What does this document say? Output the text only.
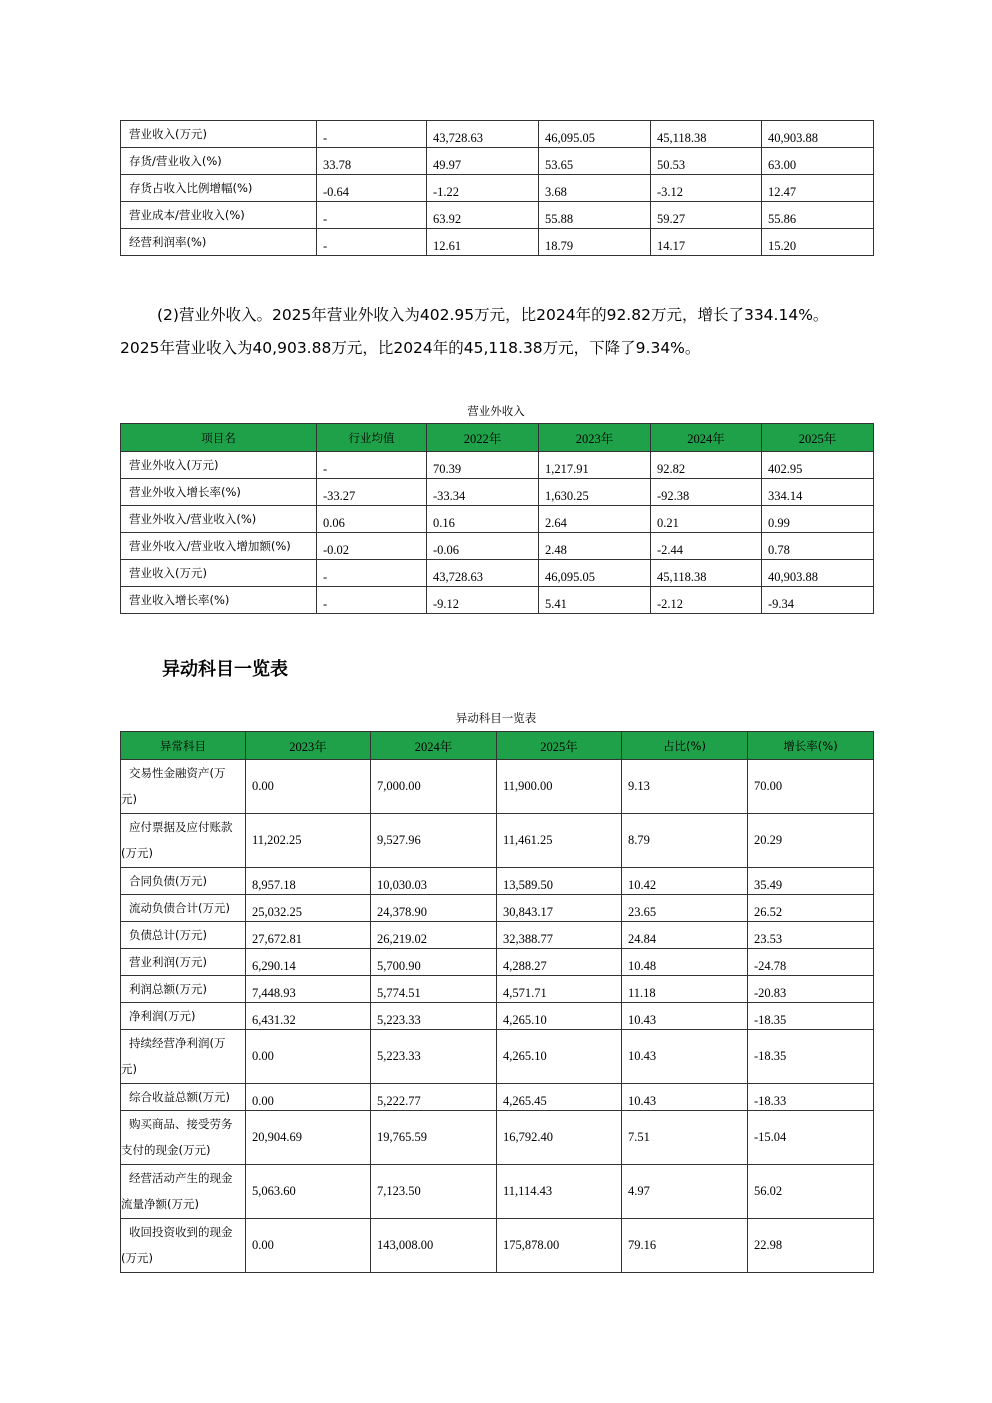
营业收入(万元)	-	43,728.63	46,095.05	45,118.38	40,903.88
存货/营业收入(%)	33.78	49.97	53.65	50.53	63.00
存货占收入比例增幅(%)	-0.64	-1.22	3.68	-3.12	12.47
营业成本/营业收入(%)	-	63.92	55.88	59.27	55.86
经营利润率(%)	-	12.61	18.79	14.17	15.20
(2)营业外收入。2025年营业外收入为402.95万元，比2024年的92.82万元，增长了334.14%。
2025年营业收入为40,903.88万元，比2024年的45,118.38万元，下降了9.34%。
营业外收入
项目名	行业均值	2022年	2023年	2024年	2025年
营业外收入(万元)	-	70.39	1,217.91	92.82	402.95
营业外收入增长率(%)	-33.27	-33.34	1,630.25	-92.38	334.14
营业外收入/营业收入(%)	0.06	0.16	2.64	0.21	0.99
营业外收入/营业收入增加额(%)	-0.02	-0.06	2.48	-2.44	0.78
营业收入(万元)	-	43,728.63	46,095.05	45,118.38	40,903.88
营业收入增长率(%)	-	-9.12	5.41	-2.12	-9.34
异动科目一览表
异动科目一览表
异常科目	2023年	2024年	2025年	占比(%)	增长率(%)

交易性金融资产(万
元)	0.00	7,000.00	11,900.00	9.13	70.00

应付票据及应付账款
(万元)	11,202.25	9,527.96	11,461.25	8.79	20.29
合同负债(万元)	8,957.18	10,030.03	13,589.50	10.42	35.49
流动负债合计(万元)	25,032.25	24,378.90	30,843.17	23.65	26.52
负债总计(万元)	27,672.81	26,219.02	32,388.77	24.84	23.53
营业利润(万元)	6,290.14	5,700.90	4,288.27	10.48	-24.78
利润总额(万元)	7,448.93	5,774.51	4,571.71	11.18	-20.83
净利润(万元)	6,431.32	5,223.33	4,265.10	10.43	-18.35

持续经营净利润(万
元)	0.00	5,223.33	4,265.10	10.43	-18.35
综合收益总额(万元)	0.00	5,222.77	4,265.45	10.43	-18.33

购买商品、接受劳务
支付的现金(万元)	20,904.69	19,765.59	16,792.40	7.51	-15.04

经营活动产生的现金
流量净额(万元)	5,063.60	7,123.50	11,114.43	4.97	56.02

收回投资收到的现金
(万元)	0.00	143,008.00	175,878.00	79.16	22.98
